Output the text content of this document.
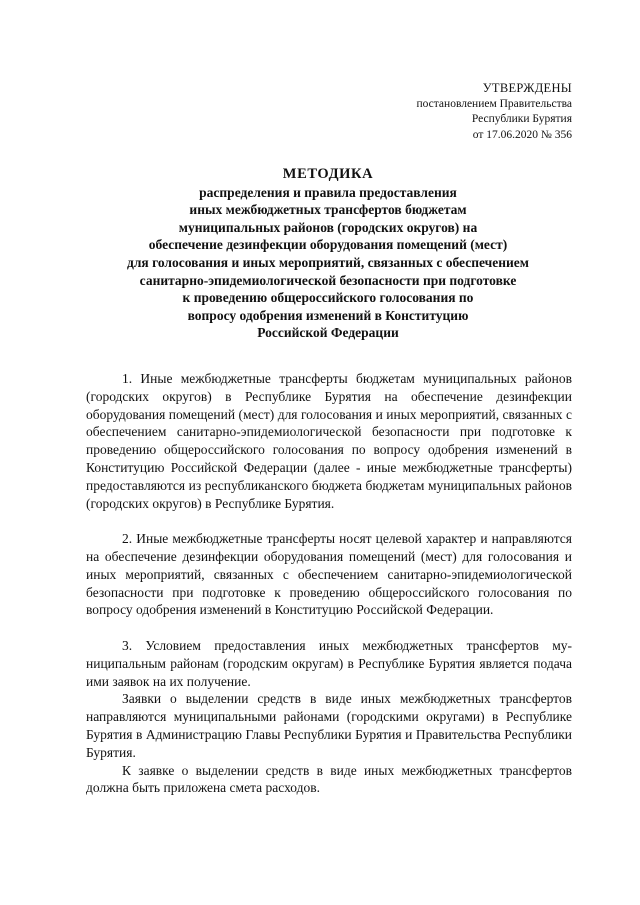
УТВЕРЖДЕНЫ
постановлением Правительства
Республики Бурятия
от 17.06.2020 № 356
МЕТОДИКА
распределения и правила предоставления
иных межбюджетных трансфертов бюджетам
муниципальных районов (городских округов) на
обеспечение дезинфекции оборудования помещений (мест)
для голосования и иных мероприятий, связанных с обеспечением
санитарно-эпидемиологической безопасности при подготовке
к проведению общероссийского голосования по
вопросу одобрения изменений в Конституцию
Российской Федерации

1. Иные межбюджетные трансферты бюджетам муниципальных районов (городских округов) в Республике Бурятия на обеспечение дезинфекции оборудования помещений (мест) для голосования и иных мероприятий, связанных с обеспечением санитарно-эпидемиологической безопасности при подготовке к проведению общероссийского голосования по вопросу одобрения изменений в Конституцию Российской Федерации (далее - иные межбюджетные трансферты) предоставляются из республиканского бюджета бюджетам муниципальных районов (городских округов) в Республике Бурятия.

2. Иные межбюджетные трансферты носят целевой характер и направляются на обеспечение дезинфекции оборудования помещений (мест) для голосования и иных мероприятий, связанных с обеспечением санитарно-эпидемиологической безопасности при подготовке к проведению общероссийского голосования по вопросу одобрения изменений в Конституцию Российской Федерации.

3. Условием предоставления иных межбюджетных трансфертов муниципальным районам (городским округам) в Республике Бурятия является подача ими заявок на их получение.

Заявки о выделении средств в виде иных межбюджетных трансфертов направляются муниципальными районами (городскими округами) в Республике Бурятия в Администрацию Главы Республики Бурятия и Правительства Республики Бурятия.

К заявке о выделении средств в виде иных межбюджетных трансфертов должна быть приложена смета расходов.
